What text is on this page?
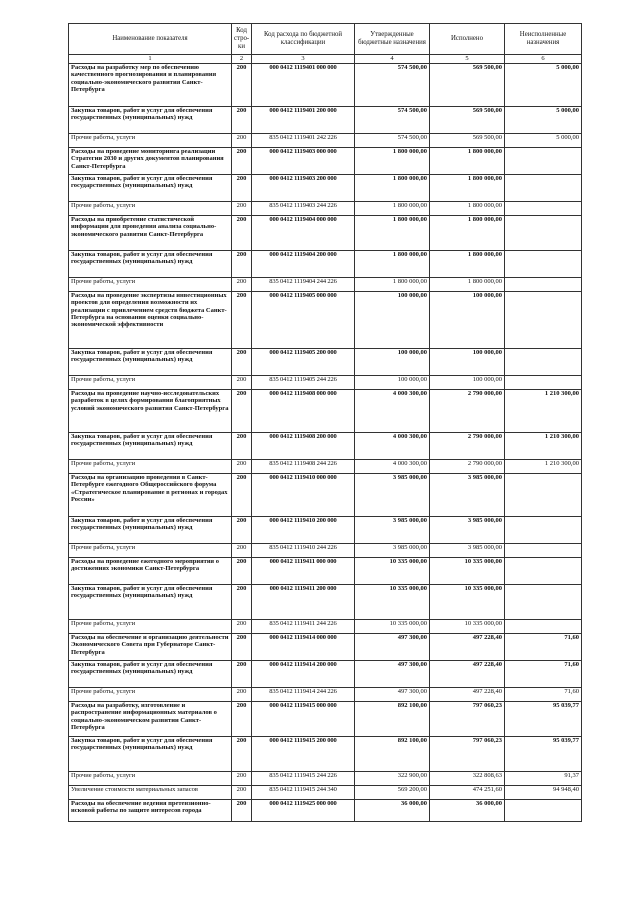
Наименование показателя	Код стро-ки	Код расхода по бюджетной классификации	Утвержденные бюджетные назначения	Исполнено	Неисполненные назначения
1	2	3	4	5	6
Расходы на разработку мер по обеспечению качественного прогнозирования и планирования социально-экономического развития Санкт-Петербурга	200	000 0412 1119401 000 000	574 500,00	569 500,00	5 000,00
Закупка товаров, работ и услуг для обеспечения государственных (муниципальных) нужд	200	000 0412 1119401 200 000	574 500,00	569 500,00	5 000,00
Прочие работы, услуги	200	835 0412 1119401 242 226	574 500,00	569 500,00	5 000,00
Расходы на проведение мониторинга реализации Стратегии 2030 и других документов планирования Санкт-Петербурга	200	000 0412 1119403 000 000	1 800 000,00	1 800 000,00	
Закупка товаров, работ и услуг для обеспечения государственных (муниципальных) нужд	200	000 0412 1119403 200 000	1 800 000,00	1 800 000,00	
Прочие работы, услуги	200	835 0412 1119403 244 226	1 800 000,00	1 800 000,00	
Расходы на приобретение статистической информации для проведения анализа социально-экономического развития Санкт-Петербурга	200	000 0412 1119404 000 000	1 800 000,00	1 800 000,00	
Закупка товаров, работ и услуг для обеспечения государственных (муниципальных) нужд	200	000 0412 1119404 200 000	1 800 000,00	1 800 000,00	
Прочие работы, услуги	200	835 0412 1119404 244 226	1 800 000,00	1 800 000,00	
Расходы на проведение экспертизы инвестиционных проектов для определения возможности их реализации с привлечением средств бюджета Санкт-Петербурга на основании оценки социально-экономической эффективности	200	000 0412 1119405 000 000	100 000,00	100 000,00	
Закупка товаров, работ и услуг для обеспечения государственных (муниципальных) нужд	200	000 0412 1119405 200 000	100 000,00	100 000,00	
Прочие работы, услуги	200	835 0412 1119405 244 226	100 000,00	100 000,00	
Расходы на проведение научно-исследовательских разработок в целях формирования благоприятных условий экономического развития Санкт-Петербурга	200	000 0412 1119408 000 000	4 000 300,00	2 790 000,00	1 210 300,00
Закупка товаров, работ и услуг для обеспечения государственных (муниципальных) нужд	200	000 0412 1119408 200 000	4 000 300,00	2 790 000,00	1 210 300,00
Прочие работы, услуги	200	835 0412 1119408 244 226	4 000 300,00	2 790 000,00	1 210 300,00
Расходы на организацию проведения в Санкт-Петербурге ежегодного Общероссийского форума «Стратегическое планирование в регионах и городах России»	200	000 0412 1119410 000 000	3 985 000,00	3 985 000,00	
Закупка товаров, работ и услуг для обеспечения государственных (муниципальных) нужд	200	000 0412 1119410 200 000	3 985 000,00	3 985 000,00	
Прочие работы, услуги	200	835 0412 1119410 244 226	3 985 000,00	3 985 000,00	
Расходы на проведение ежегодного мероприятия о достижениях экономики Санкт-Петербурга	200	000 0412 1119411 000 000	10 335 000,00	10 335 000,00	
Закупка товаров, работ и услуг для обеспечения государственных (муниципальных) нужд	200	000 0412 1119411 200 000	10 335 000,00	10 335 000,00	
Прочие работы, услуги	200	835 0412 1119411 244 226	10 335 000,00	10 335 000,00	
Расходы на обеспечение и организацию деятельности Экономического Совета при Губернаторе Санкт-Петербурга	200	000 0412 1119414 000 000	497 300,00	497 228,40	71,60
Закупка товаров, работ и услуг для обеспечения государственных (муниципальных) нужд	200	000 0412 1119414 200 000	497 300,00	497 228,40	71,60
Прочие работы, услуги	200	835 0412 1119414 244 226	497 300,00	497 228,40	71,60
Расходы на разработку, изготовление и распространение информационных материалов о социально-экономическом развитии Санкт-Петербурга	200	000 0412 1119415 000 000	892 100,00	797 060,23	95 039,77
Закупка товаров, работ и услуг для обеспечения государственных (муниципальных) нужд	200	000 0412 1119415 200 000	892 100,00	797 060,23	95 039,77
Прочие работы, услуги	200	835 0412 1119415 244 226	322 900,00	322 808,63	91,37
Увеличение стоимости материальных запасов	200	835 0412 1119415 244 340	569 200,00	474 251,60	94 948,40
Расходы на обеспечение ведения претензионно-исковой работы по защите интересов города	200	000 0412 1119425 000 000	36 000,00	36 000,00	
